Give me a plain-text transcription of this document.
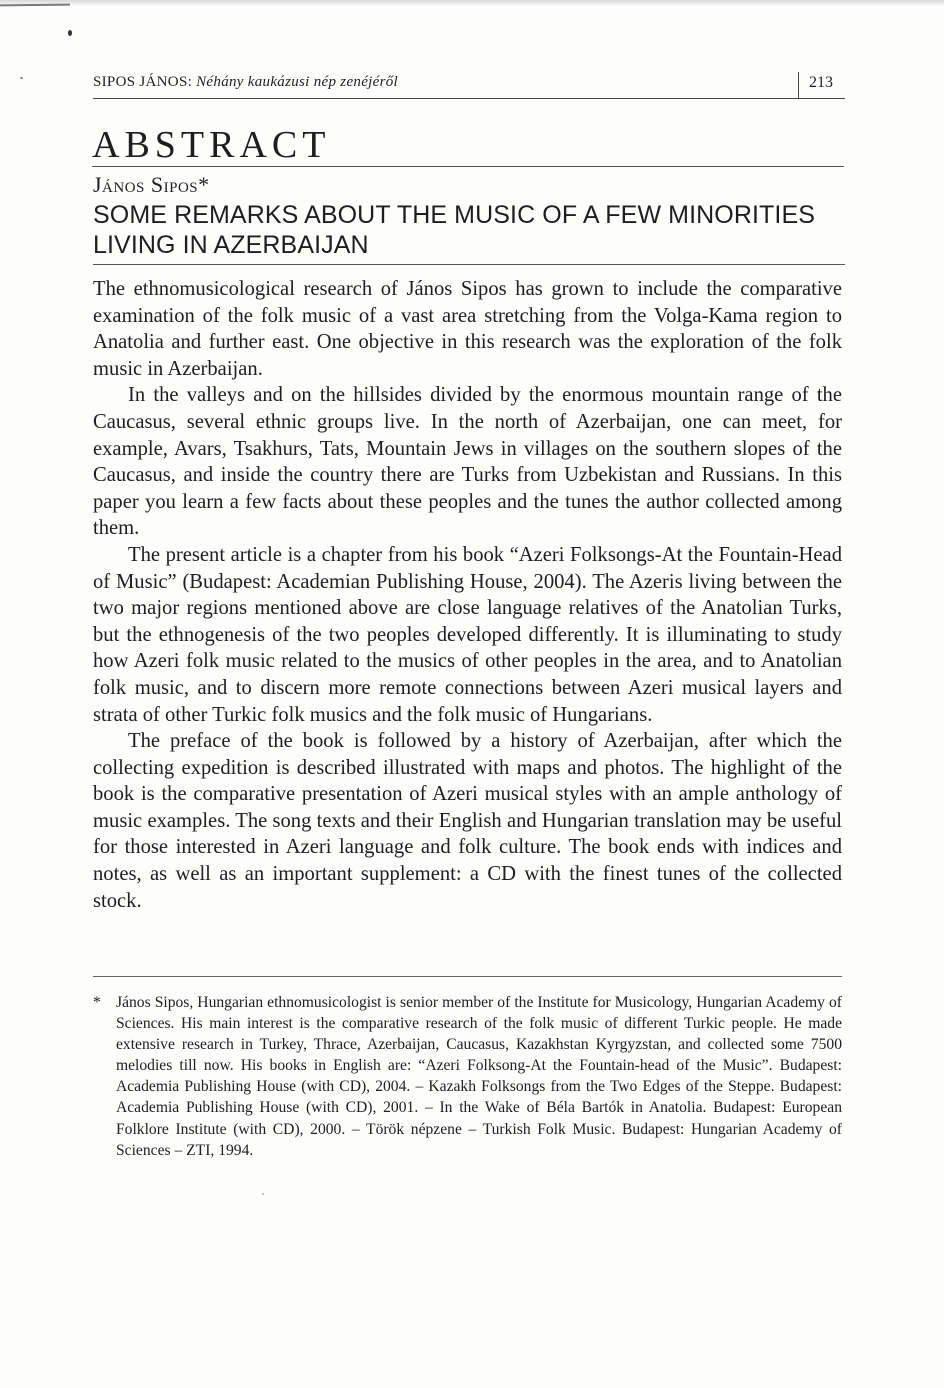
SIPOS JÁNOS: Néhány kaukázusi nép zenéjéről	213
ABSTRACT
János Sipos*
SOME REMARKS ABOUT THE MUSIC OF A FEW MINORITIES LIVING IN AZERBAIJAN

The ethnomusicological research of János Sipos has grown to include the comparative examination of the folk music of a vast area stretching from the Volga-Kama region to Anatolia and further east. One objective in this research was the exploration of the folk music in Azerbaijan.

In the valleys and on the hillsides divided by the enormous mountain range of the Caucasus, several ethnic groups live. In the north of Azerbaijan, one can meet, for example, Avars, Tsakhurs, Tats, Mountain Jews in villages on the southern slopes of the Caucasus, and inside the country there are Turks from Uzbekistan and Russians. In this paper you learn a few facts about these peoples and the tunes the author collected among them.

The present article is a chapter from his book “Azeri Folksongs-At the Fountain-Head of Music” (Budapest: Academian Publishing House, 2004). The Azeris living between the two major regions mentioned above are close language relatives of the Anatolian Turks, but the ethnogenesis of the two peoples developed differently. It is illuminating to study how Azeri folk music related to the musics of other peoples in the area, and to Anatolian folk music, and to discern more remote connections between Azeri musical layers and strata of other Turkic folk musics and the folk music of Hungarians.

The preface of the book is followed by a history of Azerbaijan, after which the collecting expedition is described illustrated with maps and photos. The highlight of the book is the comparative presentation of Azeri musical styles with an ample anthology of music examples. The song texts and their English and Hungarian translation may be useful for those interested in Azeri language and folk culture. The book ends with indices and notes, as well as an important supplement: a CD with the finest tunes of the collected stock.

* János Sipos, Hungarian ethnomusicologist is senior member of the Institute for Musicology, Hungarian Academy of Sciences. His main interest is the comparative research of the folk music of different Turkic people. He made extensive research in Turkey, Thrace, Azerbaijan, Caucasus, Kazakhstan Kyrgyzstan, and collected some 7500 melodies till now. His books in English are: “Azeri Folksong-At the Fountain-head of the Music”. Budapest: Academia Publishing House (with CD), 2004. – Kazakh Folksongs from the Two Edges of the Steppe. Budapest: Academia Publishing House (with CD), 2001. – In the Wake of Béla Bartók in Anatolia. Budapest: European Folklore Institute (with CD), 2000. – Török népzene – Turkish Folk Music. Budapest: Hungarian Academy of Sciences – ZTI, 1994.
